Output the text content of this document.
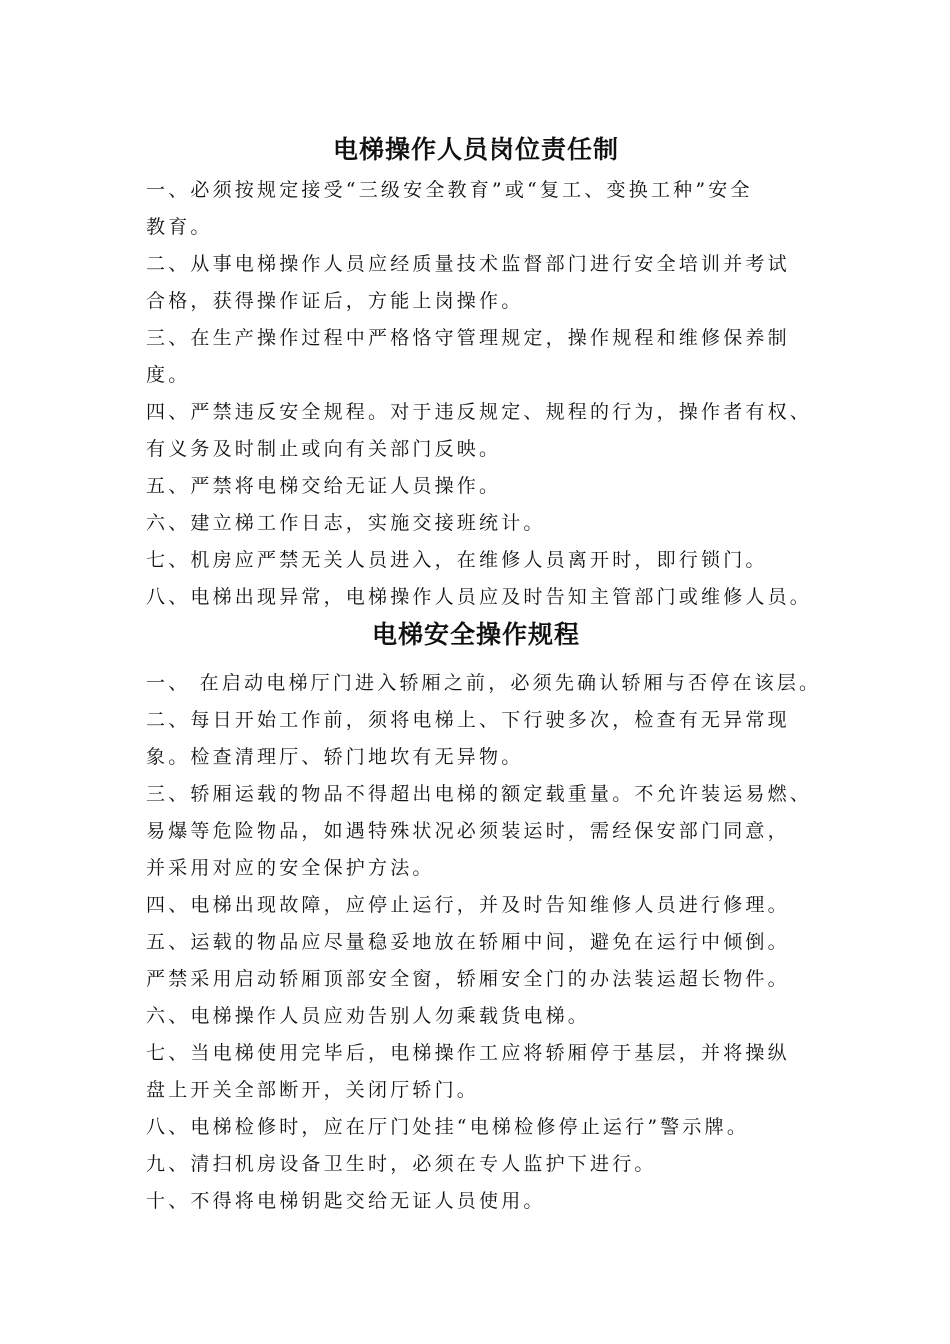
电梯操作人员岗位责任制
一、必须按规定接受“三级安全教育”或“复工、变换工种”安全
教育。
二、从事电梯操作人员应经质量技术监督部门进行安全培训并考试
合格，获得操作证后，方能上岗操作。
三、在生产操作过程中严格恪守管理规定，操作规程和维修保养制
度。
四、严禁违反安全规程。对于违反规定、规程的行为，操作者有权、
有义务及时制止或向有关部门反映。
五、严禁将电梯交给无证人员操作。
六、建立梯工作日志，实施交接班统计。
七、机房应严禁无关人员进入，在维修人员离开时，即行锁门。
八、电梯出现异常，电梯操作人员应及时告知主管部门或维修人员。
电梯安全操作规程
一、 在启动电梯厅门进入轿厢之前，必须先确认轿厢与否停在该层。
二、每日开始工作前，须将电梯上、下行驶多次，检查有无异常现
象。检查清理厅、轿门地坎有无异物。
三、轿厢运载的物品不得超出电梯的额定载重量。不允许装运易燃、
易爆等危险物品，如遇特殊状况必须装运时，需经保安部门同意，
并采用对应的安全保护方法。
四、电梯出现故障，应停止运行，并及时告知维修人员进行修理。
五、运载的物品应尽量稳妥地放在轿厢中间，避免在运行中倾倒。
严禁采用启动轿厢顶部安全窗，轿厢安全门的办法装运超长物件。
六、电梯操作人员应劝告别人勿乘载货电梯。
七、当电梯使用完毕后，电梯操作工应将轿厢停于基层，并将操纵
盘上开关全部断开，关闭厅轿门。
八、电梯检修时，应在厅门处挂“电梯检修停止运行”警示牌。
九、清扫机房设备卫生时，必须在专人监护下进行。
十、不得将电梯钥匙交给无证人员使用。
